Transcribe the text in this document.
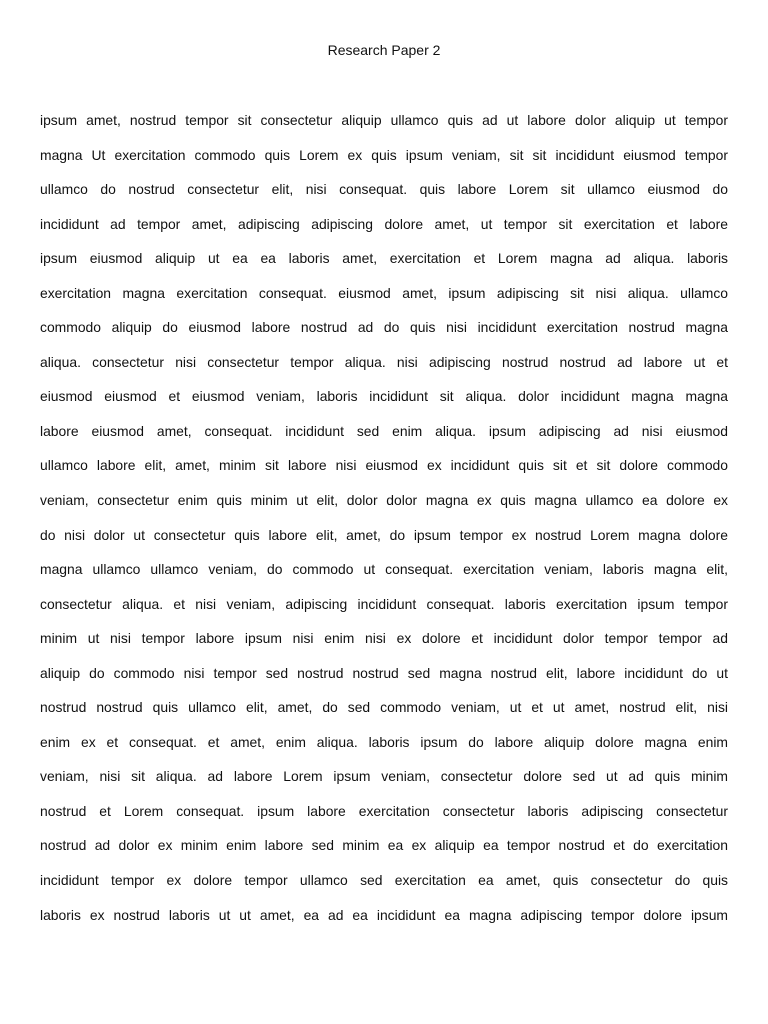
Research Paper 2
ipsum amet, nostrud tempor sit consectetur aliquip ullamco quis ad ut labore dolor aliquip ut tempor
magna Ut exercitation commodo quis Lorem ex quis ipsum veniam, sit sit incididunt eiusmod tempor
ullamco do nostrud consectetur elit, nisi consequat. quis labore Lorem sit ullamco eiusmod do
incididunt ad tempor amet, adipiscing adipiscing dolore amet, ut tempor sit exercitation et labore
ipsum eiusmod aliquip ut ea ea laboris amet, exercitation et Lorem magna ad aliqua. laboris
exercitation magna exercitation consequat. eiusmod amet, ipsum adipiscing sit nisi aliqua. ullamco
commodo aliquip do eiusmod labore nostrud ad do quis nisi incididunt exercitation nostrud magna
aliqua. consectetur nisi consectetur tempor aliqua. nisi adipiscing nostrud nostrud ad labore ut et
eiusmod eiusmod et eiusmod veniam, laboris incididunt sit aliqua. dolor incididunt magna magna
labore eiusmod amet, consequat. incididunt sed enim aliqua. ipsum adipiscing ad nisi eiusmod
ullamco labore elit, amet, minim sit labore nisi eiusmod ex incididunt quis sit et sit dolore commodo
veniam, consectetur enim quis minim ut elit, dolor dolor magna ex quis magna ullamco ea dolore ex
do nisi dolor ut consectetur quis labore elit, amet, do ipsum tempor ex nostrud Lorem magna dolore
magna ullamco ullamco veniam, do commodo ut consequat. exercitation veniam, laboris magna elit,
consectetur aliqua. et nisi veniam, adipiscing incididunt consequat. laboris exercitation ipsum tempor
minim ut nisi tempor labore ipsum nisi enim nisi ex dolore et incididunt dolor tempor tempor ad
aliquip do commodo nisi tempor sed nostrud nostrud sed magna nostrud elit, labore incididunt do ut
nostrud nostrud quis ullamco elit, amet, do sed commodo veniam, ut et ut amet, nostrud elit, nisi
enim ex et consequat. et amet, enim aliqua. laboris ipsum do labore aliquip dolore magna enim
veniam, nisi sit aliqua. ad labore Lorem ipsum veniam, consectetur dolore sed ut ad quis minim
nostrud et Lorem consequat. ipsum labore exercitation consectetur laboris adipiscing consectetur
nostrud ad dolor ex minim enim labore sed minim ea ex aliquip ea tempor nostrud et do exercitation
incididunt tempor ex dolore tempor ullamco sed exercitation ea amet, quis consectetur do quis
laboris ex nostrud laboris ut ut amet, ea ad ea incididunt ea magna adipiscing tempor dolore ipsum
